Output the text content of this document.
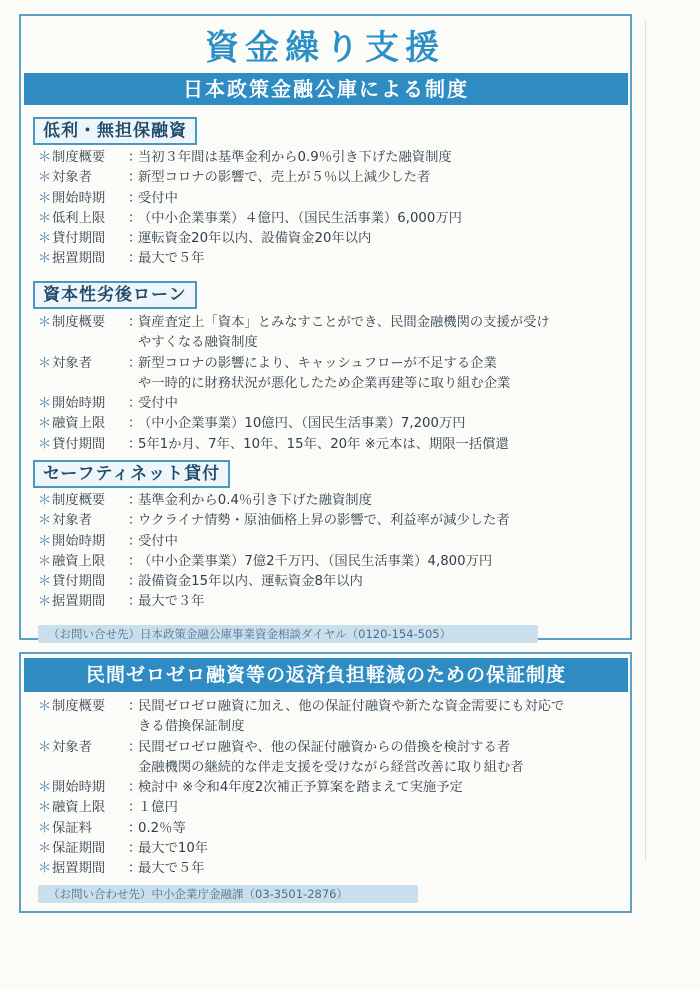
資金繰り支援
日本政策金融公庫による制度
低利・無担保融資
＊ 制度概要	：
当初３年間は基準金利から0.9％引き下げた融資制度
＊ 対象者	：
新型コロナの影響で、売上が５％以上減少した者
＊ 開始時期	：
受付中
＊ 低利上限	：
（中小企業事業）４億円、（国民生活事業）6,000万円
＊ 貸付期間	：
運転資金20年以内、設備資金20年以内
＊ 据置期間	：
最大で５年
資本性劣後ローン
＊ 制度概要	：
資産査定上「資本」とみなすことができ、民間金融機関の支援が受け
やすくなる融資制度
＊ 対象者	：
新型コロナの影響により、キャッシュフローが不足する企業
や一時的に財務状況が悪化したため企業再建等に取り組む企業
＊ 開始時期	：
受付中
＊ 融資上限	：
（中小企業事業）10億円、（国民生活事業）7,200万円
＊ 貸付期間	：
5年1か月、7年、10年、15年、20年 ※元本は、期限一括償還
セーフティネット貸付
＊ 制度概要	：
基準金利から0.4％引き下げた融資制度
＊ 対象者	：
ウクライナ情勢・原油価格上昇の影響で、利益率が減少した者
＊ 開始時期	：
受付中
＊ 融資上限	：
（中小企業事業）7億2千万円、（国民生活事業）4,800万円
＊ 貸付期間	：
設備資金15年以内、運転資金8年以内
＊ 据置期間	：
最大で３年
（お問い合せ先）日本政策金融公庫事業資金相談ダイヤル（0120-154-505）
民間ゼロゼロ融資等の返済負担軽減のための保証制度
＊ 制度概要	：
民間ゼロゼロ融資に加え、他の保証付融資や新たな資金需要にも対応で
きる借換保証制度
＊ 対象者	：
民間ゼロゼロ融資や、他の保証付融資からの借換を検討する者
金融機関の継続的な伴走支援を受けながら経営改善に取り組む者
＊ 開始時期	：
検討中 ※令和4年度2次補正予算案を踏まえて実施予定
＊ 融資上限	：
１億円
＊ 保証料	：
0.2％等
＊ 保証期間	：
最大で10年
＊ 据置期間	：
最大で５年
（お問い合わせ先）中小企業庁金融課（03-3501-2876）
